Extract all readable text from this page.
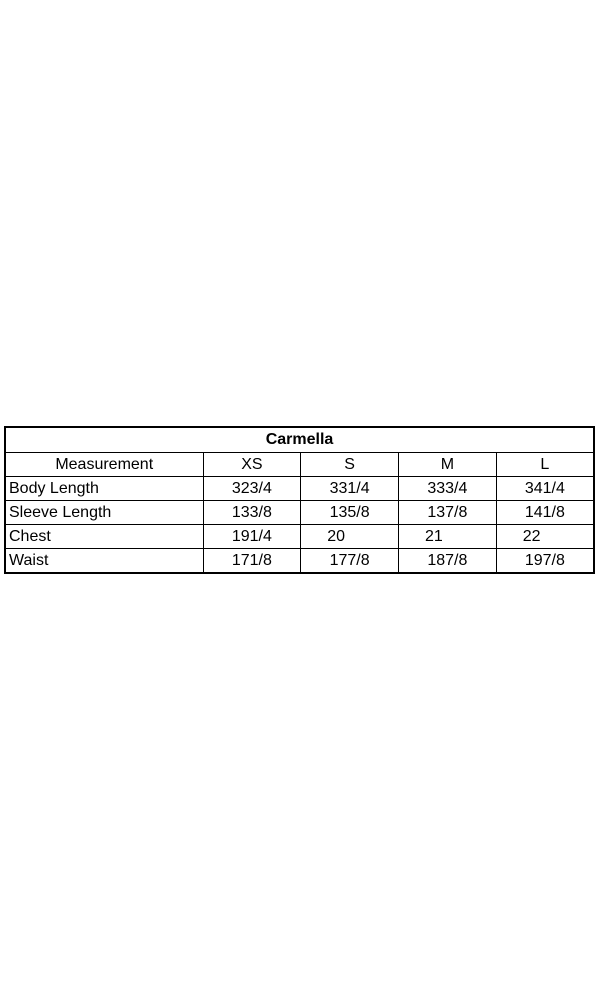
Carmella				
Measurement	XS	S	M	L
Body Length	323/4	331/4	333/4	341/4
Sleeve Length	133/8	135/8	137/8	141/8
Chest	191/4	20	21	22
Waist	171/8	177/8	187/8	197/8
